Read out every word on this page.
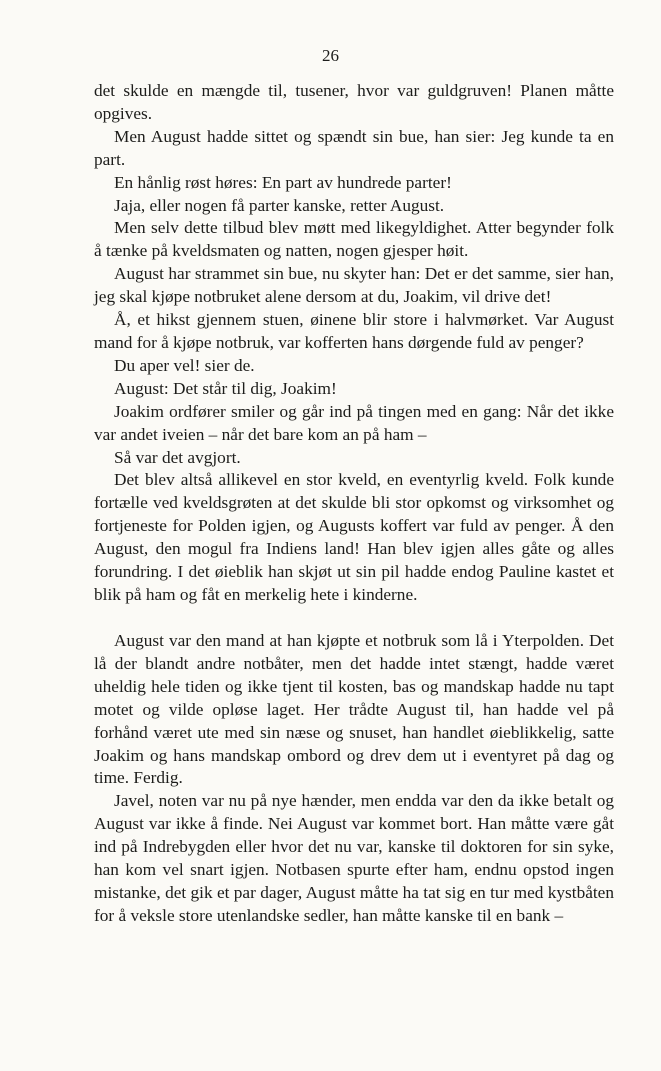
26

det skulde en mængde til, tusener, hvor var guldgruven! Planen måtte opgives.

Men August hadde sittet og spændt sin bue, han sier: Jeg kunde ta en part.

En hånlig røst høres: En part av hundrede parter!

Jaja, eller nogen få parter kanske, retter August.

Men selv dette tilbud blev møtt med likegyldighet. Atter begynder folk å tænke på kveldsmaten og natten, nogen gjesper høit.

August har strammet sin bue, nu skyter han: Det er det samme, sier han, jeg skal kjøpe notbruket alene dersom at du, Joakim, vil drive det!

Å, et hikst gjennem stuen, øinene blir store i halvmørket. Var August mand for å kjøpe notbruk, var kofferten hans dørgende fuld av penger?

Du aper vel! sier de.

August: Det står til dig, Joakim!

Joakim ordfører smiler og går ind på tingen med en gang: Når det ikke var andet iveien – når det bare kom an på ham –

Så var det avgjort.

Det blev altså allikevel en stor kveld, en eventyrlig kveld. Folk kunde fortælle ved kveldsgrøten at det skulde bli stor opkomst og virksomhet og fortjeneste for Polden igjen, og Augusts koffert var fuld av penger. Å den August, den mogul fra Indiens land! Han blev igjen alles gåte og alles forundring. I det øieblik han skjøt ut sin pil hadde endog Pauline kastet et blik på ham og fåt en merkelig hete i kinderne.

August var den mand at han kjøpte et notbruk som lå i Yterpolden. Det lå der blandt andre notbåter, men det hadde intet stængt, hadde været uheldig hele tiden og ikke tjent til kosten, bas og mandskap hadde nu tapt motet og vilde opløse laget. Her trådte August til, han hadde vel på forhånd været ute med sin næse og snuset, han handlet øieblikkelig, satte Joakim og hans mandskap ombord og drev dem ut i eventyret på dag og time. Ferdig.

Javel, noten var nu på nye hænder, men endda var den da ikke betalt og August var ikke å finde. Nei August var kommet bort. Han måtte være gåt ind på Indrebygden eller hvor det nu var, kanske til doktoren for sin syke, han kom vel snart igjen. Notbasen spurte efter ham, endnu opstod ingen mistanke, det gik et par dager, August måtte ha tat sig en tur med kystbåten for å veksle store utenlandske sedler, han måtte kanske til en bank –
